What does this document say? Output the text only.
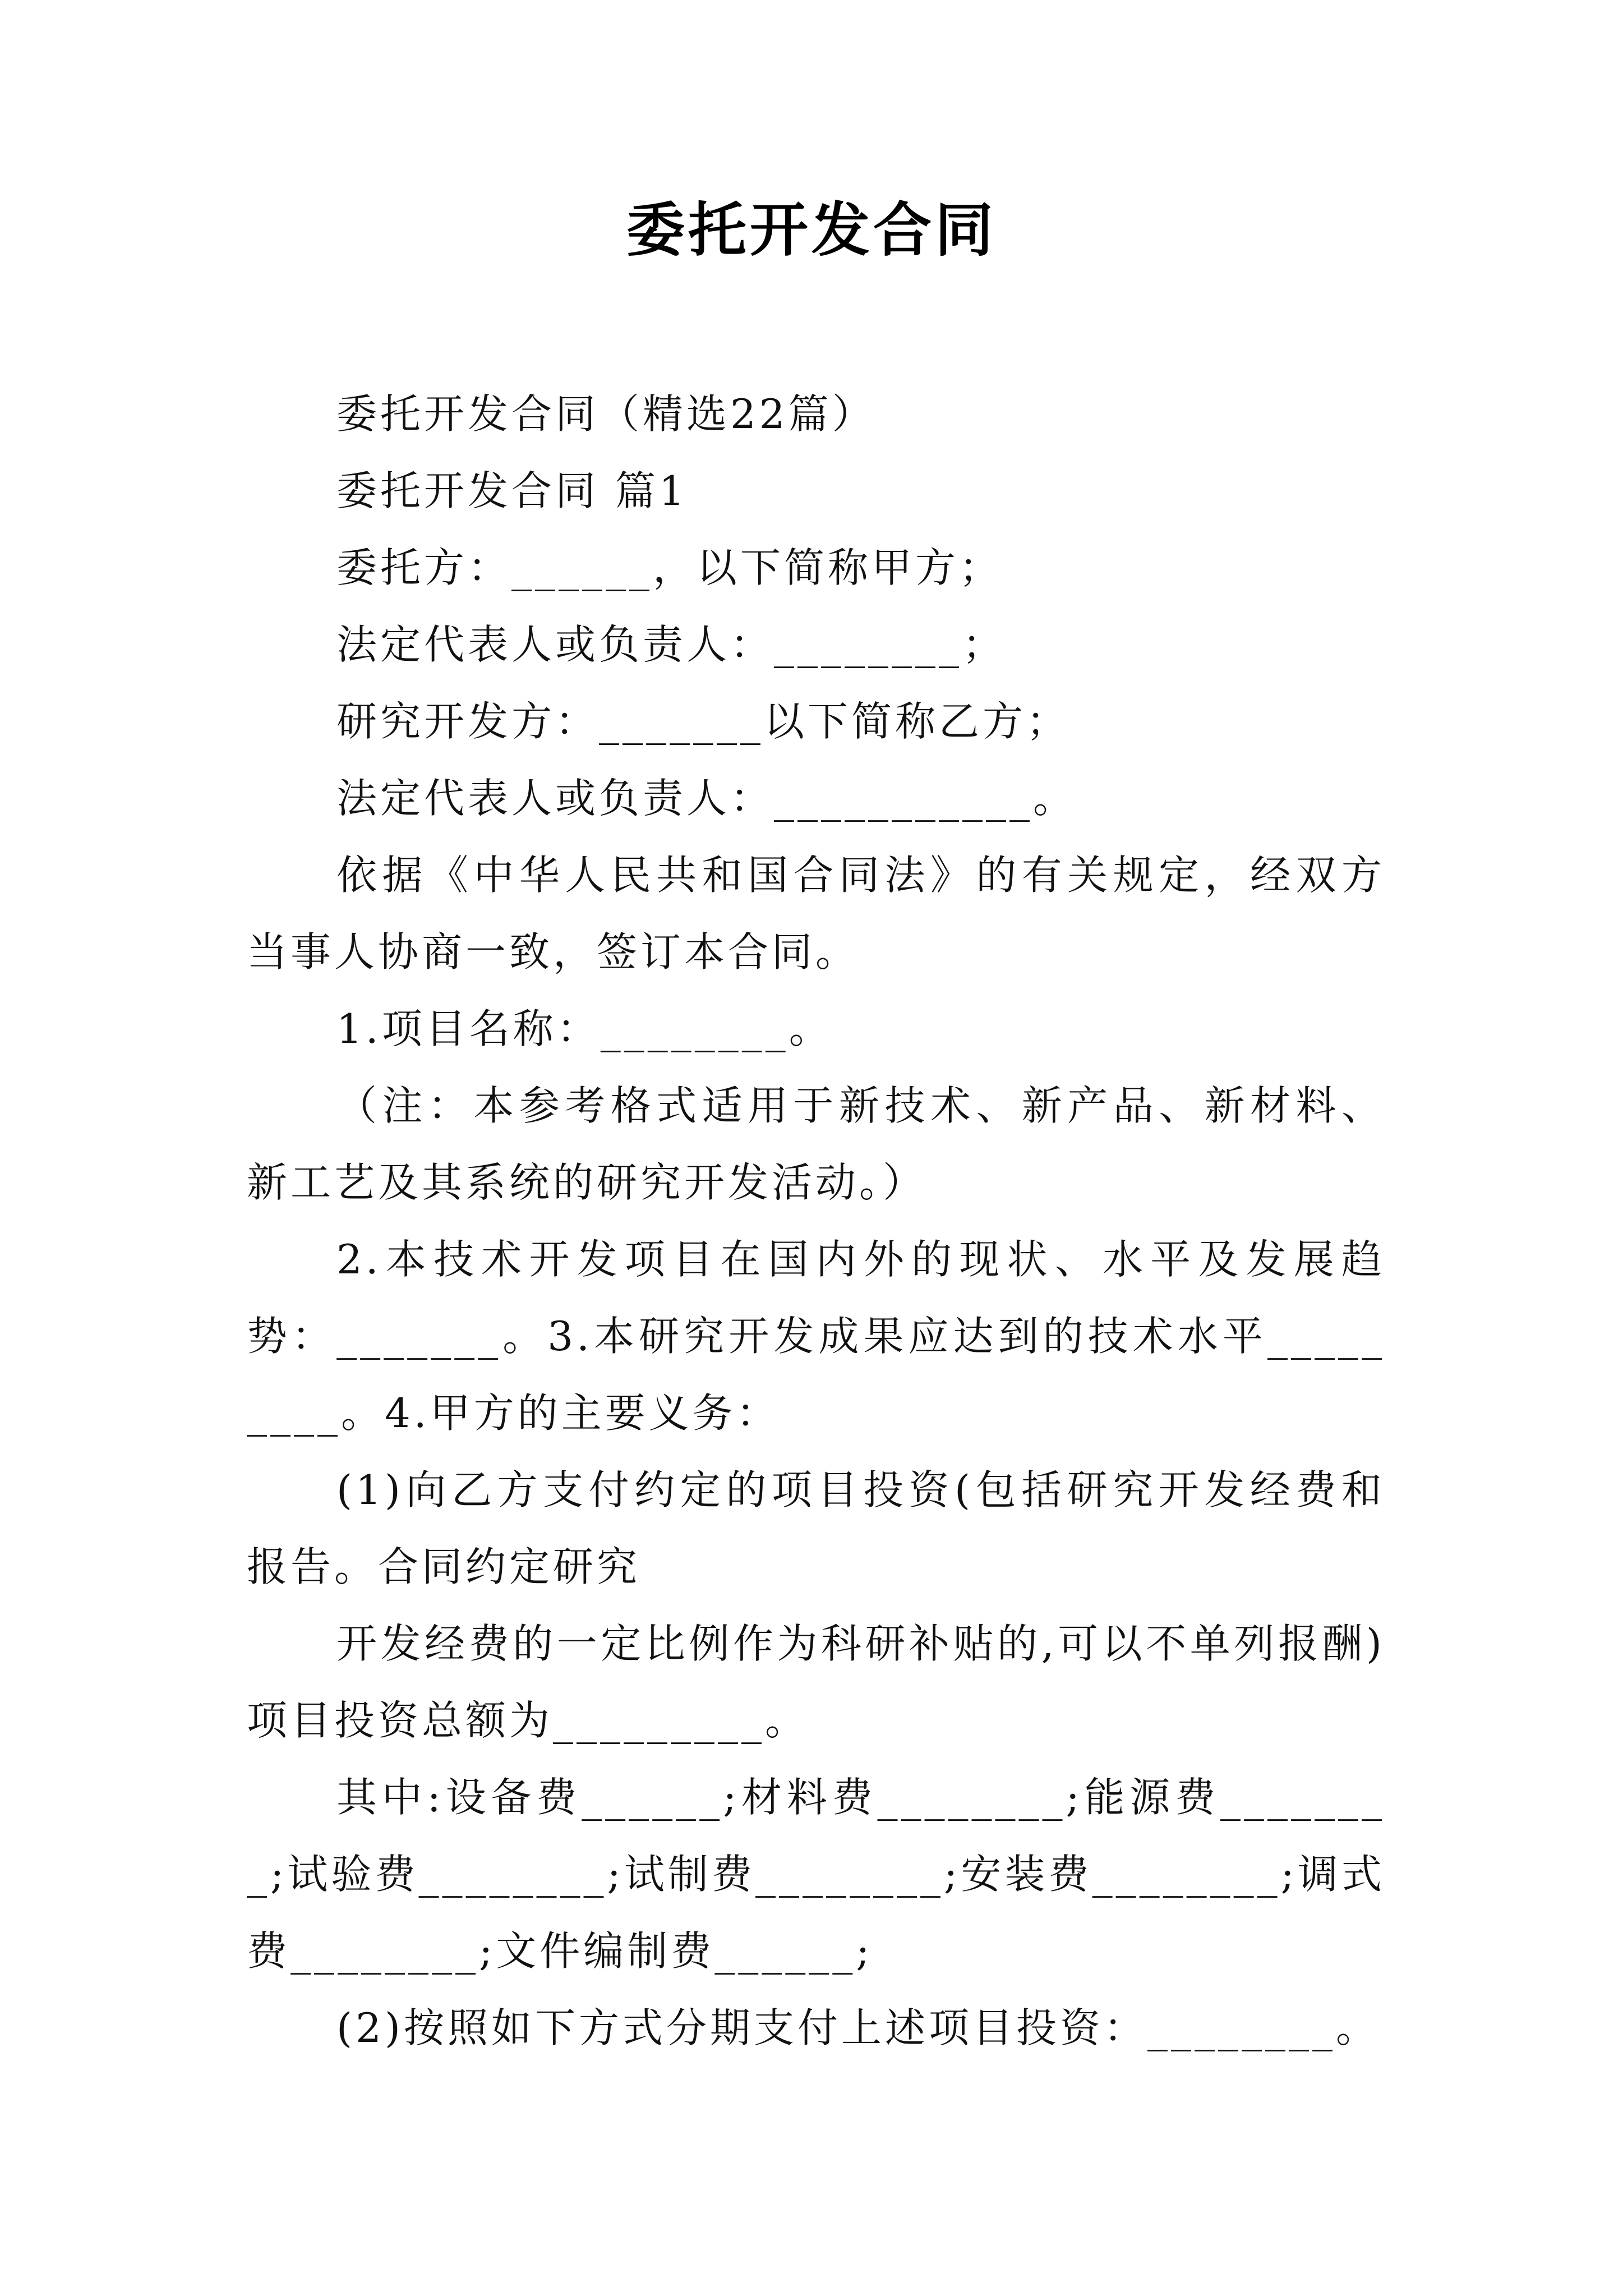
委托开发合同

委托开发合同（精选22篇）

委托开发合同 篇1

委托方：______，以下简称甲方；

法定代表人或负责人：________；

研究开发方：_______以下简称乙方；

法定代表人或负责人：___________。

依据《中华人民共和国合同法》的有关规定，经双方当事人协商一致，签订本合同。

1.项目名称：________。

（注：本参考格式适用于新技术、新产品、新材料、新工艺及其系统的研究开发活动。）

2.本技术开发项目在国内外的现状、水平及发展趋势：_______。3.本研究开发成果应达到的技术水平_________。4.甲方的主要义务：

(1)向乙方支付约定的项目投资(包括研究开发经费和报告。合同约定研究

开发经费的一定比例作为科研补贴的,可以不单列报酬)项目投资总额为_________。

其中:设备费______;材料费________;能源费________;试验费________;试制费________;安装费________;调式费________;文件编制费______;

(2)按照如下方式分期支付上述项目投资：________。
